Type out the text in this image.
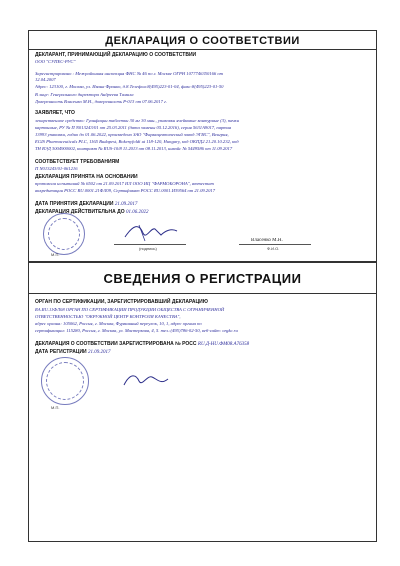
ДЕКЛАРАЦИЯ О СООТВЕТСТВИИ
ДЕКЛАРАНТ, ПРИНИМАЮЩИЙ ДЕКЛАРАЦИЮ О СООТВЕТСТВИИ
ООО "СУПЕС-РУС"
Зарегистрировано : Межрайонная инспекция ФНС № 46 по г. Москве ОГРН 1077746350166 от
12.04.2007
Адрес: 123100, г. Москва, ул. Ивана Франко, д.8.Телефон:8(495)223-01-04, факс:8(495)223-01-50
В лице: Генерального директора Андреева Тамила
Доверенность Власенко М.Н., доверенность Р-013 от 07.06.2017 г.
ЗАЯВЛЯЕТ, ЧТО
лекарственное средство: Гуанфацин таблетки 30 мг 30 мин., упаковки ячейковые контурные (3), пачки
картонные, РУ № П N013243/01 от 25.03.2011 (дата замены 05.12.2016), серия 5631A9017, партия
13993 упаковки, годно до 01.06.2022, произведено ЗАО "Фармацевтический завод ЭГИС", Венгрия,
EGIS Pharmaceuticals PLC, 1165 Budapest, Bokenyfoldi ut 118-120, Hungary, код ОКПД2 21.20.10.232, код
ТН ВЭД 3004900002, контракт № RUS-10/8 11.2013 от 08.11.2013, инвойс № 5449586 от 11.09.2017
СООТВЕТСТВУЕТ ТРЕБОВАНИЯМ
П N013243/01-061216
ДЕКЛАРАЦИЯ ПРИНЯТА НА ОСНОВАНИИ
протокола испытаний № 6502 от 21.09.2017 ИЛ ООО ИЦ "ФАРМОБОРОНА", аттестат
аккредитации РОСС RU.0001.21ФЛ09, Сертификат РОСС RU.0001.И39564 от 21.09.2017
ДАТА ПРИНЯТИЯ ДЕКЛАРАЦИИ 21.09.2017
ДЕКЛАРАЦИЯ ДЕЙСТВИТЕЛЬНА ДО 01.06.2022
М.П.
(подпись)
Власенко М.Н.
Ф.И.О.
СВЕДЕНИЯ О РЕГИСТРАЦИИ
ОРГАН ПО СЕРТИФИКАЦИИ, ЗАРЕГИСТРИРОВАВШИЙ ДЕКЛАРАЦИЮ
RA.RU.11ФЛ08 ОРГАН ПО СЕРТИФИКАЦИИ ПРОДУКЦИИ ОБЩЕСТВА С ОГРАНИЧЕННОЙ
ОТВЕТСТВЕННОСТЬЮ "ОКРУЖНОЙ ЦЕНТР КОНТРОЛЯ КАЧЕСТВА",
адрес органа: 105062, Россия, г. Москва, Фурманный переулок, 10, 1, адрес органа по
сертификации: 115280, Россия, г. Москва, ул. Мастеркова, 4, 5. тел.:(495)786-02-50, веб-сайт: orgkc.ru
ДЕКЛАРАЦИЯ О СООТВЕТСТВИИ ЗАРЕГИСТРИРОВАНА № РОСС RU.Д-HU.ФМ08.А76358
ДАТА РЕГИСТРАЦИИ 21.09.2017
М.П.
